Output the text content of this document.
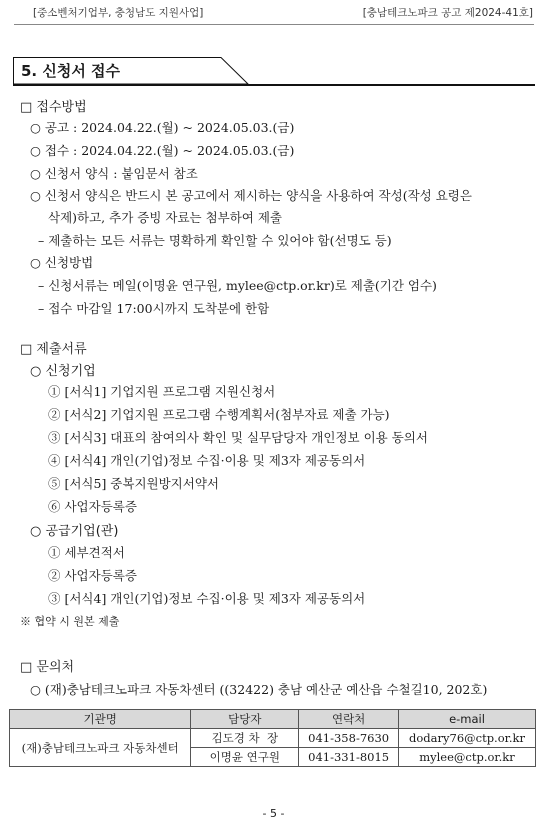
[중소벤처기업부, 충청남도 지원사업]	[충남테크노파크 공고 제2024-41호]
5. 신청서 접수
□ 접수방법
○ 공고 : 2024.04.22.(월) ~ 2024.05.03.(금)
○ 접수 : 2024.04.22.(월) ~ 2024.05.03.(금)
○ 신청서 양식 : 붙임문서 참조
○ 신청서 양식은 반드시 본 공고에서 제시하는 양식을 사용하여 작성(작성 요령은
삭제)하고, 추가 증빙 자료는 첨부하여 제출
– 제출하는 모든 서류는 명확하게 확인할 수 있어야 함(선명도 등)
○ 신청방법
– 신청서류는 메일(이명윤 연구원, mylee@ctp.or.kr)로 제출(기간 엄수)
– 접수 마감일 17:00시까지 도착분에 한함
□ 제출서류
○ 신청기업
① [서식1] 기업지원 프로그램 지원신청서
② [서식2] 기업지원 프로그램 수행계획서(첨부자료 제출 가능)
③ [서식3] 대표의 참여의사 확인 및 실무담당자 개인정보 이용 동의서
④ [서식4] 개인(기업)정보 수집·이용 및 제3자 제공동의서
⑤ [서식5] 중복지원방지서약서
⑥ 사업자등록증
○ 공급기업(관)
① 세부견적서
② 사업자등록증
③ [서식4] 개인(기업)정보 수집·이용 및 제3자 제공동의서
※ 협약 시 원본 제출
□ 문의처
○ (재)충남테크노파크 자동차센터 ((32422) 충남 예산군 예산읍 수철길10, 202호)
기관명	담당자	연락처	e-mail
(재)충남테크노파크 자동차센터	김도경 차  장	041-358-7630	dodary76@ctp.or.kr
	이명윤 연구원	041-331-8015	mylee@ctp.or.kr
- 5 -
